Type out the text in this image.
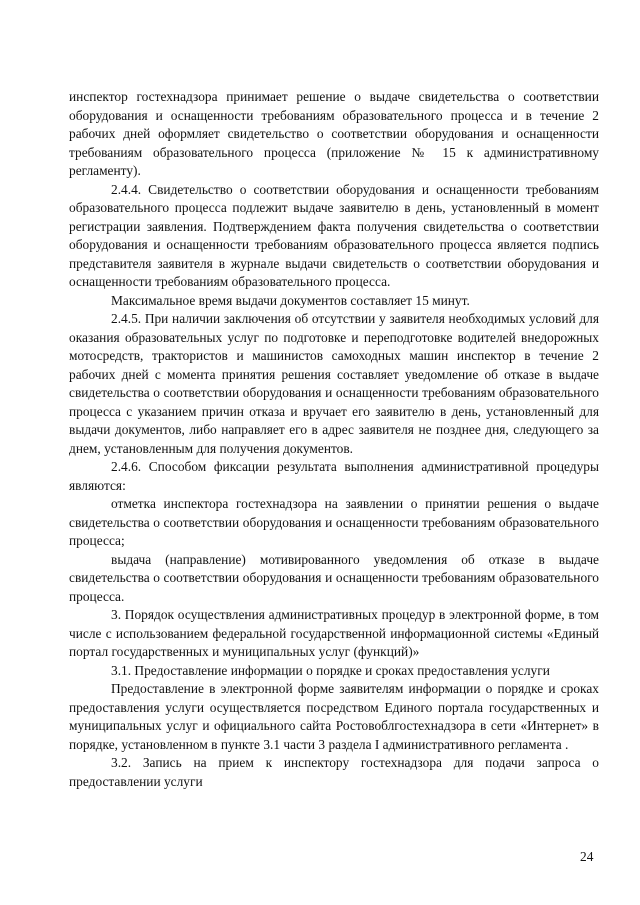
инспектор гостехнадзора принимает решение о выдаче свидетельства о соответствии оборудования и оснащенности требованиям образовательного процесса и в течение 2 рабочих дней оформляет свидетельство о соответствии оборудования и оснащенности требованиям образовательного процесса (приложение № 15 к административному регламенту).

2.4.4. Свидетельство о соответствии оборудования и оснащенности требованиям образовательного процесса подлежит выдаче заявителю в день, установленный в момент регистрации заявления. Подтверждением факта получения свидетельства о соответствии оборудования и оснащенности требованиям образовательного процесса является подпись представителя заявителя в журнале выдачи свидетельств о соответствии оборудования и оснащенности требованиям образовательного процесса.

Максимальное время выдачи документов составляет 15 минут.

2.4.5. При наличии заключения об отсутствии у заявителя необходимых условий для оказания образовательных услуг по подготовке и переподготовке водителей внедорожных мотосредств, трактористов и машинистов самоходных машин инспектор в течение 2 рабочих дней с момента принятия решения составляет уведомление об отказе в выдаче свидетельства о соответствии оборудования и оснащенности требованиям образовательного процесса с указанием причин отказа и вручает его заявителю в день, установленный для выдачи документов, либо направляет его в адрес заявителя не позднее дня, следующего за днем, установленным для получения документов.

2.4.6. Способом фиксации результата выполнения административной процедуры являются:

отметка инспектора гостехнадзора на заявлении о принятии решения о выдаче свидетельства о соответствии оборудования и оснащенности требованиям образовательного процесса;

выдача (направление) мотивированного уведомления об отказе в выдаче свидетельства о соответствии оборудования и оснащенности требованиям образовательного процесса.

3. Порядок осуществления административных процедур в электронной форме, в том числе с использованием федеральной государственной информационной системы «Единый портал государственных и муниципальных услуг (функций)»

3.1. Предоставление информации о порядке и сроках предоставления услуги

Предоставление в электронной форме заявителям информации о порядке и сроках предоставления услуги осуществляется посредством Единого портала государственных и муниципальных услуг и официального сайта Ростовоблгостехнадзора в сети «Интернет» в порядке, установленном в пункте 3.1 части 3 раздела I административного регламента .

3.2. Запись на прием к инспектору гостехнадзора для подачи запроса о предоставлении услуги

24
